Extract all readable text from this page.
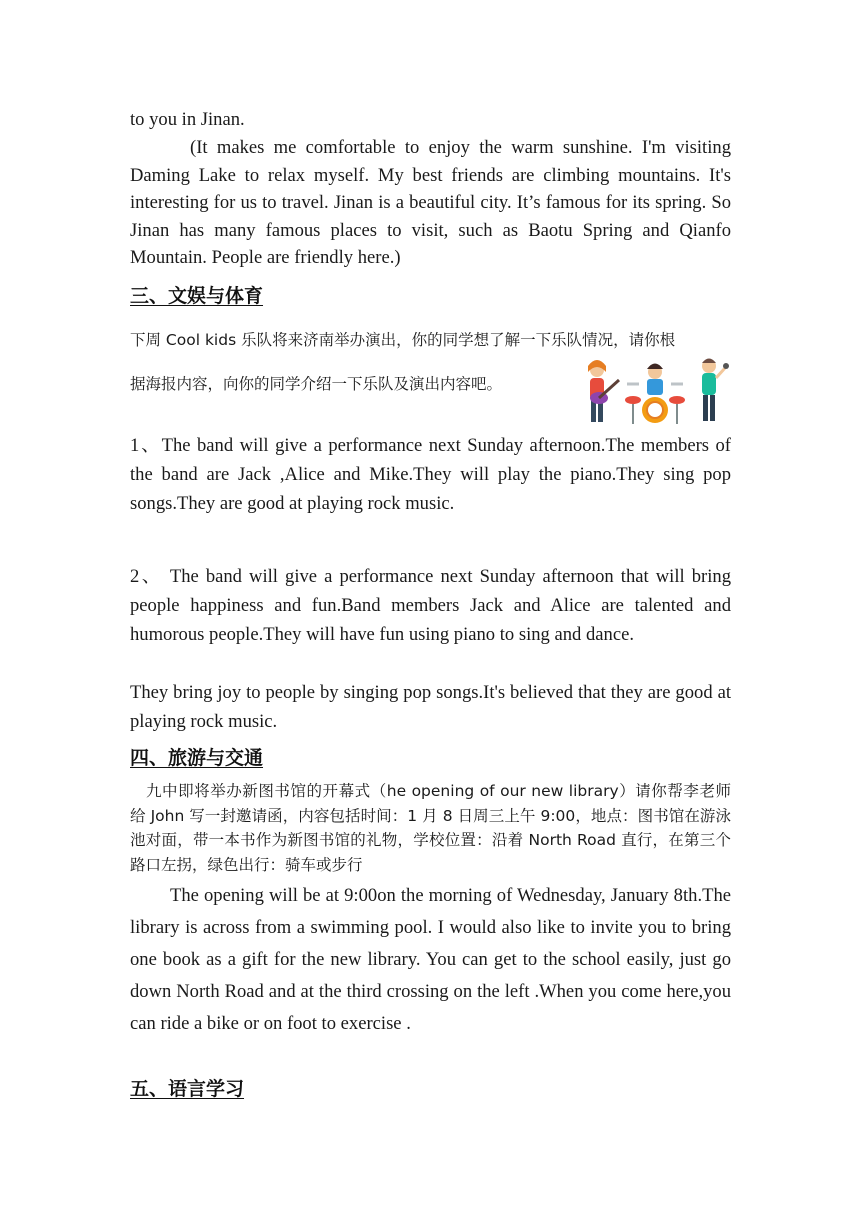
to you in Jinan.

(It makes me comfortable to enjoy the warm sunshine. I'm visiting Daming Lake to relax myself. My best friends are climbing mountains. It's interesting for us to travel. Jinan is a beautiful city. It’s famous for its spring. So Jinan has many famous places to visit, such as Baotu Spring and Qianfo Mountain. People are friendly here.)

三、文娱与体育

下周 Cool kids 乐队将来济南举办演出，你的同学想了解一下乐队情况，请你根

据海报内容，向你的同学介绍一下乐队及演出内容吧。

1、The band will give a performance next Sunday afternoon.The members of the band are Jack ,Alice and Mike.They will play the piano.They sing pop songs.They are good at playing rock music.

2、 The band will give a performance next Sunday afternoon that will bring people happiness and fun.Band members Jack and Alice are talented and humorous people.They will have fun using piano to sing and dance.

They bring joy to people by singing pop songs.It's believed that they are good at playing rock music.

四、旅游与交通

九中即将举办新图书馆的开幕式（he opening of our new library）请你帮李老师给 John 写一封邀请函，内容包括时间：1 月 8 日周三上午 9:00，地点：图书馆在游泳池对面，带一本书作为新图书馆的礼物，学校位置：沿着 North Road 直行，在第三个路口左拐，绿色出行：骑车或步行

The opening will be at 9:00on the morning of Wednesday, January 8th.The library is across from a swimming pool. I would also like to invite you to bring one book as a gift for the new library. You can get to the school easily, just go down North Road and at the third crossing on the left .When you come here,you can ride a bike or on foot to exercise .

五、语言学习
